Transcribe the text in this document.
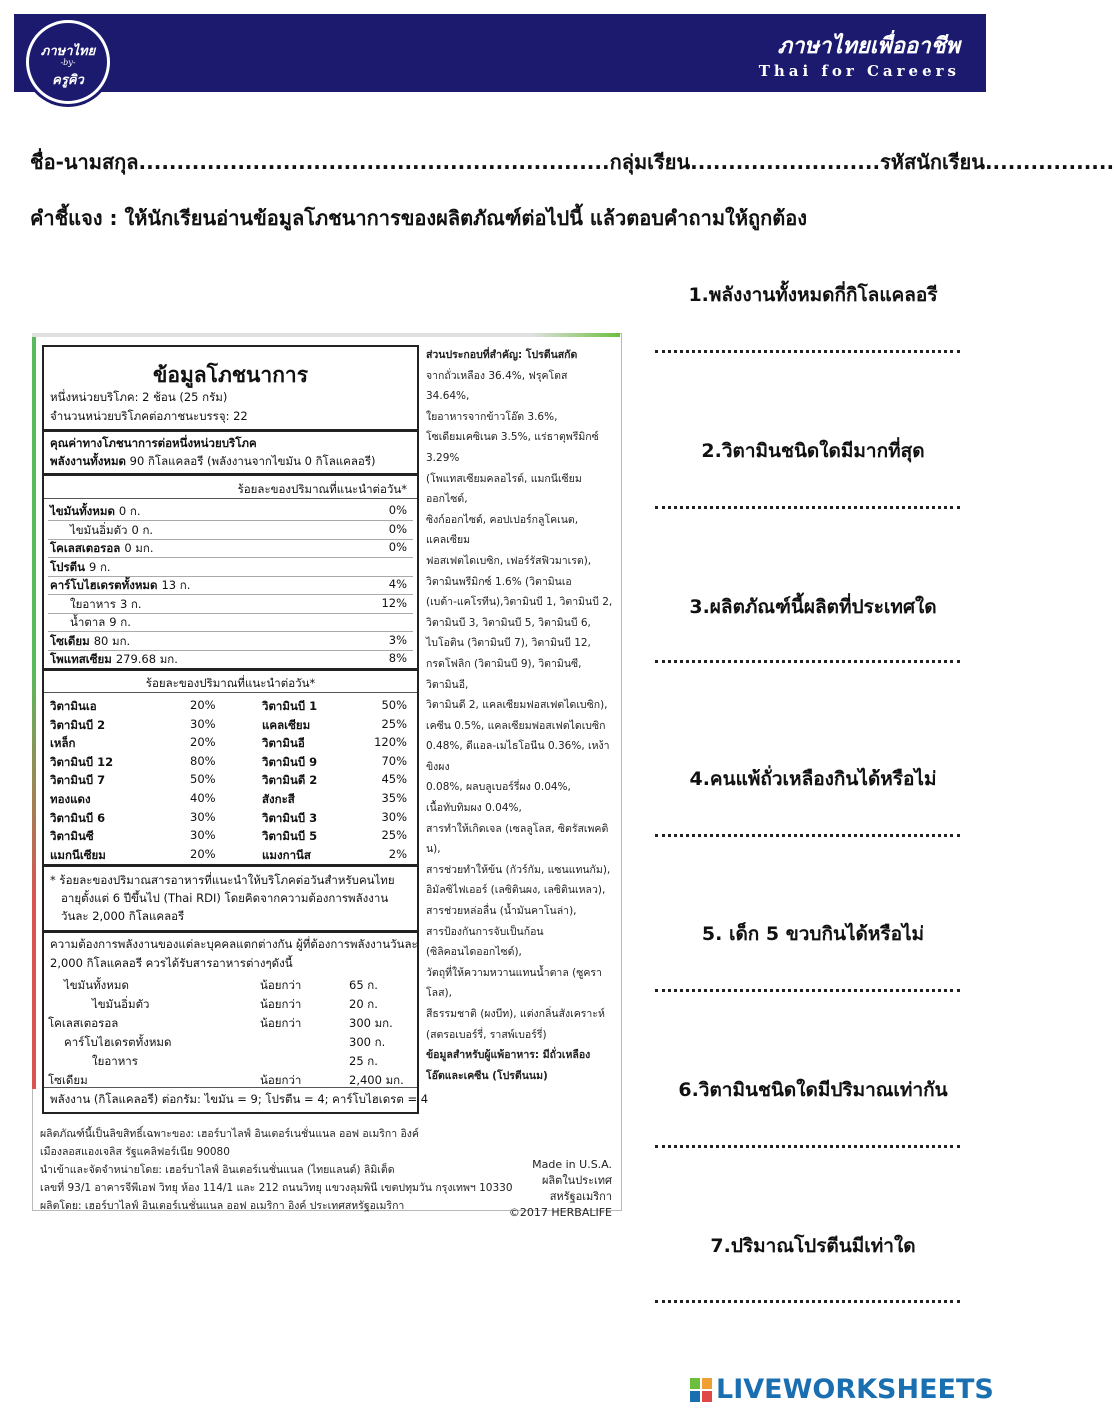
ภาษาไทย
-by-
ครูคิว
ภาษาไทยเพื่ออาชีพ
Thai for Careers
ชื่อ-นามสกุล..............................................................กลุ่มเรียน.........................รหัสนักเรียน.................
คำชี้แจง : ให้นักเรียนอ่านข้อมูลโภชนาการของผลิตภัณฑ์ต่อไปนี้ แล้วตอบคำถามให้ถูกต้อง
1.พลังงานทั้งหมดกี่กิโลแคลอรี
2.วิตามินชนิดใดมีมากที่สุด
3.ผลิตภัณฑ์นี้ผลิตที่ประเทศใด
4.คนแพ้ถั่วเหลืองกินได้หรือไม่
5. เด็ก 5 ขวบกินได้หรือไม่
6.วิตามินชนิดใดมีปริมาณเท่ากัน
7.ปริมาณโปรตีนมีเท่าใด
ข้อมูลโภชนาการ
หนึ่งหน่วยบริโภค: 2 ช้อน (25 กรัม)
จำนวนหน่วยบริโภคต่อภาชนะบรรจุ: 22
คุณค่าทางโภชนาการต่อหนึ่งหน่วยบริโภค
พลังงานทั้งหมด 90 กิโลแคลอรี (พลังงานจากไขมัน 0 กิโลแคลอรี)
ร้อยละของปริมาณที่แนะนำต่อวัน*
ร้อยละของปริมาณที่แนะนำต่อวัน*
* ร้อยละของปริมาณสารอาหารที่แนะนำให้บริโภคต่อวันสำหรับคนไทย
อายุตั้งแต่ 6 ปีขึ้นไป (Thai RDI) โดยคิดจากความต้องการพลังงาน
วันละ 2,000 กิโลแคลอรี
ความต้องการพลังงานของแต่ละบุคคลแตกต่างกัน ผู้ที่ต้องการพลังงานวันละ
2,000 กิโลแคลอรี ควรได้รับสารอาหารต่างๆดังนี้
พลังงาน (กิโลแคลอรี) ต่อกรัม: ไขมัน = 9; โปรตีน = 4; คาร์โบไฮเดรต = 4
ไขมันทั้งหมด 0 ก.	0%
ไขมันอิ่มตัว 0 ก.	0%
โคเลสเตอรอล 0 มก.	0%
โปรตีน 9 ก.
คาร์โบไฮเดรตทั้งหมด 13 ก.	4%
ใยอาหาร 3 ก.	12%
น้ำตาล 9 ก.
โซเดียม 80 มก.	3%
โพแทสเซียม 279.68 มก.	8%
วิตามินเอ	20%	วิตามินบี 1	50%
วิตามินบี 2	30%	แคลเซียม	25%
เหล็ก	20%	วิตามินอี	120%
วิตามินบี 12	80%	วิตามินบี 9	70%
วิตามินบี 7	50%	วิตามินดี 2	45%
ทองแดง	40%	สังกะสี	35%
วิตามินบี 6	30%	วิตามินบี 3	30%
วิตามินซี	30%	วิตามินบี 5	25%
แมกนีเซียม	20%	แมงกานีส	2%
ไขมันทั้งหมด	น้อยกว่า	65 ก.
ไขมันอิ่มตัว	น้อยกว่า	20 ก.
โคเลสเตอรอล	น้อยกว่า	300 มก.
คาร์โบไฮเดรตทั้งหมด	300 ก.
ใยอาหาร	25 ก.
โซเดียม	น้อยกว่า	2,400 มก.

ส่วนประกอบที่สำคัญ: โปรตีนสกัด

จากถั่วเหลือง 36.4%, ฟรุคโตส 34.64%,

ใยอาหารจากข้าวโอ๊ต 3.6%,

โซเดียมเคซิเนต 3.5%, แร่ธาตุพรีมิกซ์ 3.29%

(โพแทสเซียมคลอไรด์, แมกนีเซียมออกไซด์,

ซิงก์ออกไซด์, คอปเปอร์กลูโคเนต, แคลเซียม

ฟอสเฟตไดเบซิก, เฟอร์รัสฟิวมาเรต),

วิตามินพรีมิกซ์ 1.6% (วิตามินเอ

(เบต้า-แคโรทีน),วิตามินบี 1, วิตามินบี 2,

วิตามินบี 3, วิตามินบี 5, วิตามินบี 6,

ไบโอติน (วิตามินบี 7), วิตามินบี 12,

กรดโฟลิก (วิตามินบี 9), วิตามินซี, วิตามินอี,

วิตามินดี 2, แคลเซียมฟอสเฟตไดเบซิก),

เคซีน 0.5%, แคลเซียมฟอสเฟตไดเบซิก

0.48%, ดีแอล-เมไธโอนีน 0.36%, เหง้าขิงผง

0.08%, ผลบลูเบอร์รี่ผง 0.04%,

เนื้อทับทิมผง 0.04%,

สารทำให้เกิดเจล (เซลลูโลส, ซิตรัสเพคติน),

สารช่วยทำให้ข้น (กัวร์กัม, แซนแทนกัม),

อิมัลซิไฟเออร์ (เลซิตินผง, เลซิตินเหลว),

สารช่วยหล่อลื่น (น้ำมันคาโนล่า),

สารป้องกันการจับเป็นก้อน

(ซิลิคอนไดออกไซด์),

วัตถุที่ให้ความหวานแทนน้ำตาล (ซูคราโลส),

สีธรรมชาติ (ผงบีท), แต่งกลิ่นสังเคราะห์

(สตรอเบอร์รี่, ราสพ์เบอร์รี่)

ข้อมูลสำหรับผู้แพ้อาหาร: มีถั่วเหลือง

โอ๊ตและเคซีน (โปรตีนนม)

ผลิตภัณฑ์นี้เป็นลิขสิทธิ์เฉพาะของ: เฮอร์บาไลฟ์ อินเตอร์เนชั่นแนล ออฟ อเมริกา อิงค์
เมืองลอสแองเจลิส รัฐแคลิฟอร์เนีย 90080
นำเข้าและจัดจำหน่ายโดย: เฮอร์บาไลฟ์ อินเตอร์เนชั่นแนล (ไทยแลนด์) ลิมิเต็ด
เลขที่ 93/1 อาคารจีพีเอฟ วิทยุ ห้อง 114/1 และ 212 ถนนวิทยุ แขวงลุมพินี เขตปทุมวัน กรุงเทพฯ 10330
ผลิตโดย: เฮอร์บาไลฟ์ อินเตอร์เนชั่นแนล ออฟ อเมริกา อิงค์ ประเทศสหรัฐอเมริกา
Made in U.S.A.
ผลิตในประเทศสหรัฐอเมริกา
©2017 HERBALIFE
LIVEWORKSHEETS
